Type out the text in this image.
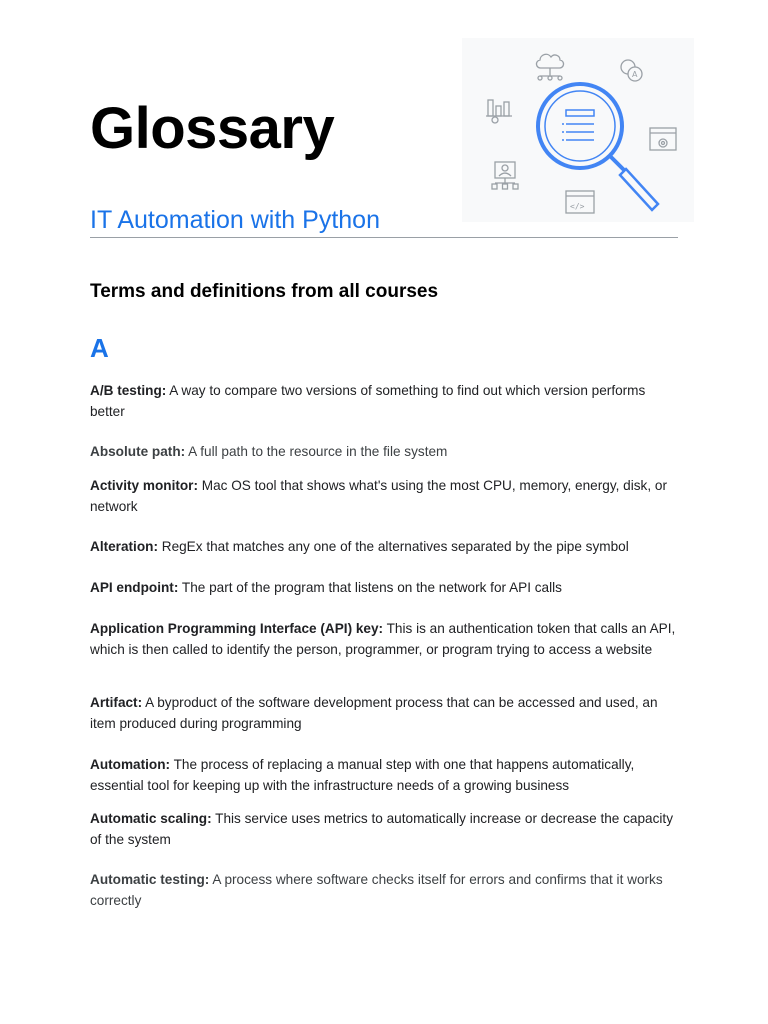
Glossary
IT Automation with Python
A
</>
Terms and definitions from all courses
A

A/B testing: A way to compare two versions of something to find out which version performs better

Absolute path: A full path to the resource in the file system

Activity monitor: Mac OS tool that shows what's using the most CPU, memory, energy, disk, or network

Alteration: RegEx that matches any one of the alternatives separated by the pipe symbol

API endpoint: The part of the program that listens on the network for API calls

Application Programming Interface (API) key: This is an authentication token that calls an API, which is then called to identify the person, programmer, or program trying to access a website

Artifact: A byproduct of the software development process that can be accessed and used, an item produced during programming

Automation: The process of replacing a manual step with one that happens automatically, essential tool for keeping up with the infrastructure needs of a growing business

Automatic scaling: This service uses metrics to automatically increase or decrease the capacity of the system

Automatic testing: A process where software checks itself for errors and confirms that it works correctly
